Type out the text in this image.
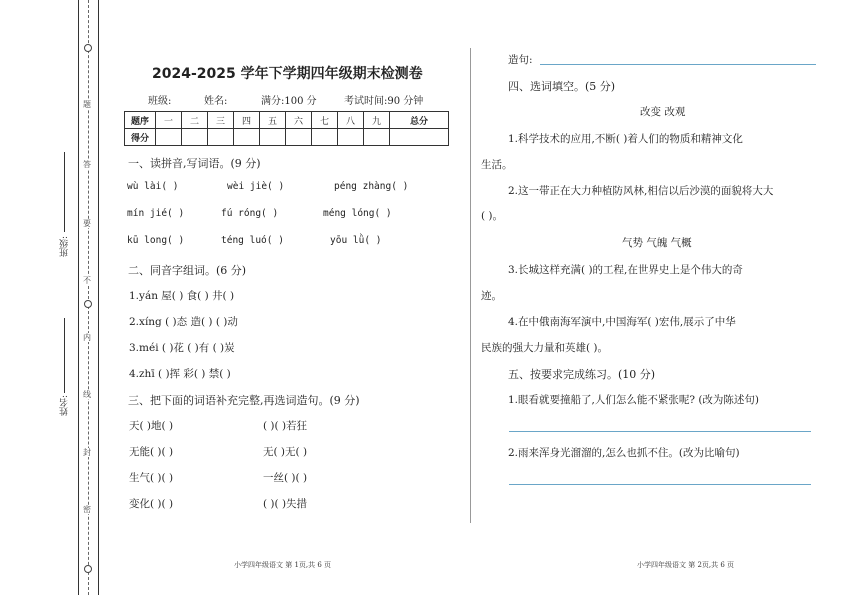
密
封
线
内
不
要
答
题
班级:
姓名:
2024-2025 学年下学期四年级期末检测卷
班级:	姓名:	满分:100 分	考试时间:90 分钟
题序	一	二	三	四	五	六	七	八	九	总分
得分										
一、读拼音,写词语。(9 分)
wù lài( )	wèi jiè( )	péng zhàng( )
mín jié( )	fú róng( )	méng lóng( )
kū long( )	téng luó( )	yōu lǜ( )
二、同音字组词。(6 分)
1.yán 屋( ) 食( ) 井( )
2.xíng ( )态 造( ) ( )动
3.méi ( )花 ( )有 ( )炭
4.zhī ( )挥 彩( ) 禁( )
三、把下面的词语补充完整,再选词造句。(9 分)
天( )地( )	( )( )若狂
无能( )( )	无( )无( )
生气( )( )	一丝( )( )
变化( )( )	( )( )失措
造句:
四、选词填空。(5 分)
改变 改观
1.科学技术的应用,不断( )着人们的物质和精神文化
生活。
2.这一带正在大力种植防风林,相信以后沙漠的面貌将大大
( )。
气势 气魄 气概
3.长城这样充满( )的工程,在世界史上是个伟大的奇
迹。
4.在中俄南海军演中,中国海军( )宏伟,展示了中华
民族的强大力量和英雄( )。
五、按要求完成练习。(10 分)
1.眼看就要撞船了,人们怎么能不紧张呢? (改为陈述句)
2.雨来浑身光溜溜的,怎么也抓不住。(改为比喻句)
小学四年级语文 第 1页,共 6 页	小学四年级语文 第 2页,共 6 页
